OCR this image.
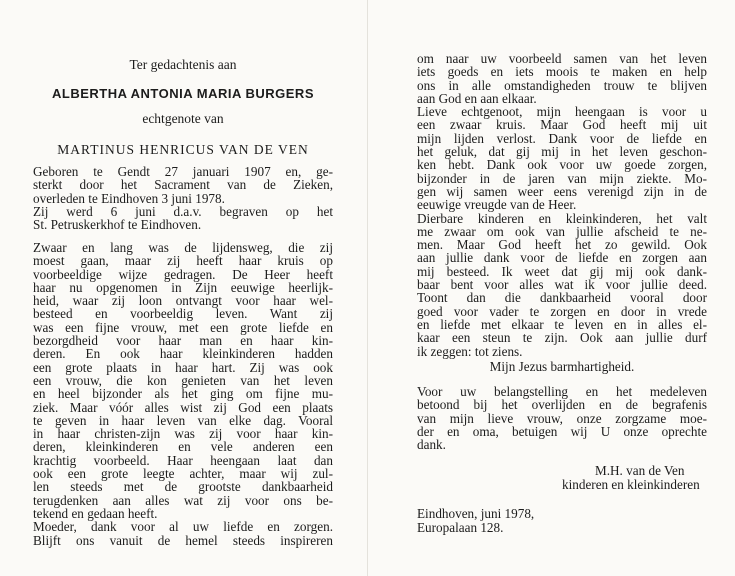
Ter gedachtenis aan
ALBERTHA ANTONIA MARIA BURGERS
echtgenote van
MARTINUS HENRICUS VAN DE VEN
Geboren te Gendt 27 januari 1907 en, ge-
sterkt door het Sacrament van de Zieken,
overleden te Eindhoven 3 juni 1978.
Zij werd 6 juni d.a.v. begraven op het
St. Petruskerkhof te Eindhoven.
Zwaar en lang was de lijdensweg, die zij
moest gaan, maar zij heeft haar kruis op
voorbeeldige wijze gedragen. De Heer heeft
haar nu opgenomen in Zijn eeuwige heerlijk-
heid, waar zij loon ontvangt voor haar wel-
besteed en voorbeeldig leven. Want zij
was een fijne vrouw, met een grote liefde en
bezorgdheid voor haar man en haar kin-
deren. En ook haar kleinkinderen hadden
een grote plaats in haar hart. Zij was ook
een vrouw, die kon genieten van het leven
en heel bijzonder als het ging om fijne mu-
ziek. Maar vóór alles wist zij God een plaats
te geven in haar leven van elke dag. Vooral
in haar christen-zijn was zij voor haar kin-
deren, kleinkinderen en vele anderen een
krachtig voorbeeld. Haar heengaan laat dan
ook een grote leegte achter, maar wij zul-
len steeds met de grootste dankbaarheid
terugdenken aan alles wat zij voor ons be-
tekend en gedaan heeft.
Moeder, dank voor al uw liefde en zorgen.
Blijft ons vanuit de hemel steeds inspireren
om naar uw voorbeeld samen van het leven
iets goeds en iets moois te maken en help
ons in alle omstandigheden trouw te blijven
aan God en aan elkaar.
Lieve echtgenoot, mijn heengaan is voor u
een zwaar kruis. Maar God heeft mij uit
mijn lijden verlost. Dank voor de liefde en
het geluk, dat gij mij in het leven geschon-
ken hebt. Dank ook voor uw goede zorgen,
bijzonder in de jaren van mijn ziekte. Mo-
gen wij samen weer eens verenigd zijn in de
eeuwige vreugde van de Heer.
Dierbare kinderen en kleinkinderen, het valt
me zwaar om ook van jullie afscheid te ne-
men. Maar God heeft het zo gewild. Ook
aan jullie dank voor de liefde en zorgen aan
mij besteed. Ik weet dat gij mij ook dank-
baar bent voor alles wat ik voor jullie deed.
Toont dan die dankbaarheid vooral door
goed voor vader te zorgen en door in vrede
en liefde met elkaar te leven en in alles el-
kaar een steun te zijn. Ook aan jullie durf
ik zeggen: tot ziens.
Mijn Jezus barmhartigheid.
Voor uw belangstelling en het medeleven
betoond bij het overlijden en de begrafenis
van mijn lieve vrouw, onze zorgzame moe-
der en oma, betuigen wij U onze oprechte
dank.
M.H. van de Ven
kinderen en kleinkinderen
Eindhoven, juni 1978,
Europalaan 128.
